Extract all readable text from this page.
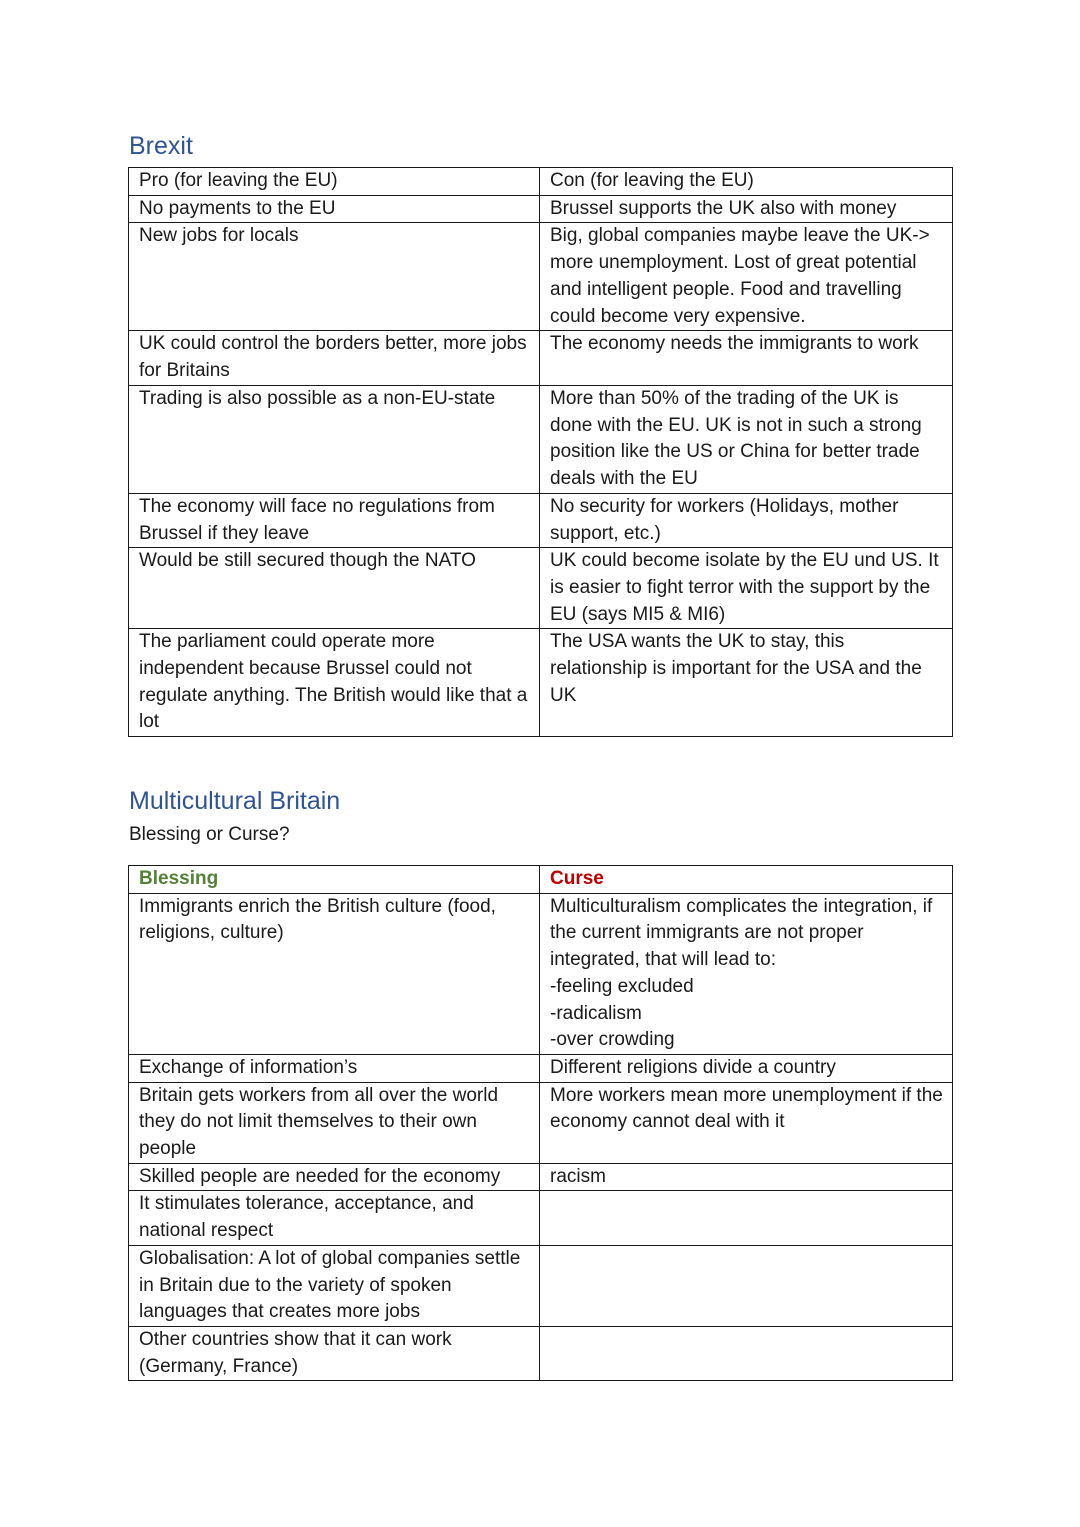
Brexit
Pro (for leaving the EU)	Con (for leaving the EU)
No payments to the EU	Brussel supports the UK also with money
New jobs for locals	Big, global companies maybe leave the UK-> more unemployment. Lost of great potential and intelligent people. Food and travelling could become very expensive.
UK could control the borders better, more jobs for Britains	The economy needs the immigrants to work
Trading is also possible as a non-EU-state	More than 50% of the trading of the UK is done with the EU. UK is not in such a strong position like the US or China for better trade deals with the EU
The economy will face no regulations from Brussel if they leave	No security for workers (Holidays, mother support, etc.)
Would be still secured though the NATO	UK could become isolate by the EU und US. It is easier to fight terror with the support by the EU (says MI5 & MI6)
The parliament could operate more independent because Brussel could not regulate anything. The British would like that a lot	The USA wants the UK to stay, this relationship is important for the USA and the UK
Multicultural Britain

Blessing or Curse?

Blessing	Curse
Immigrants enrich the British culture (food, religions, culture)	Multiculturalism complicates the integration, if the current immigrants are not proper integrated, that will lead to:
-feeling excluded
-radicalism
-over crowding

Exchange of information’s	Different religions divide a country
Britain gets workers from all over the world they do not limit themselves to their own people	More workers mean more unemployment if the economy cannot deal with it
Skilled people are needed for the economy	racism
It stimulates tolerance, acceptance, and national respect	
Globalisation: A lot of global companies settle in Britain due to the variety of spoken languages that creates more jobs	
Other countries show that it can work (Germany, France)	
